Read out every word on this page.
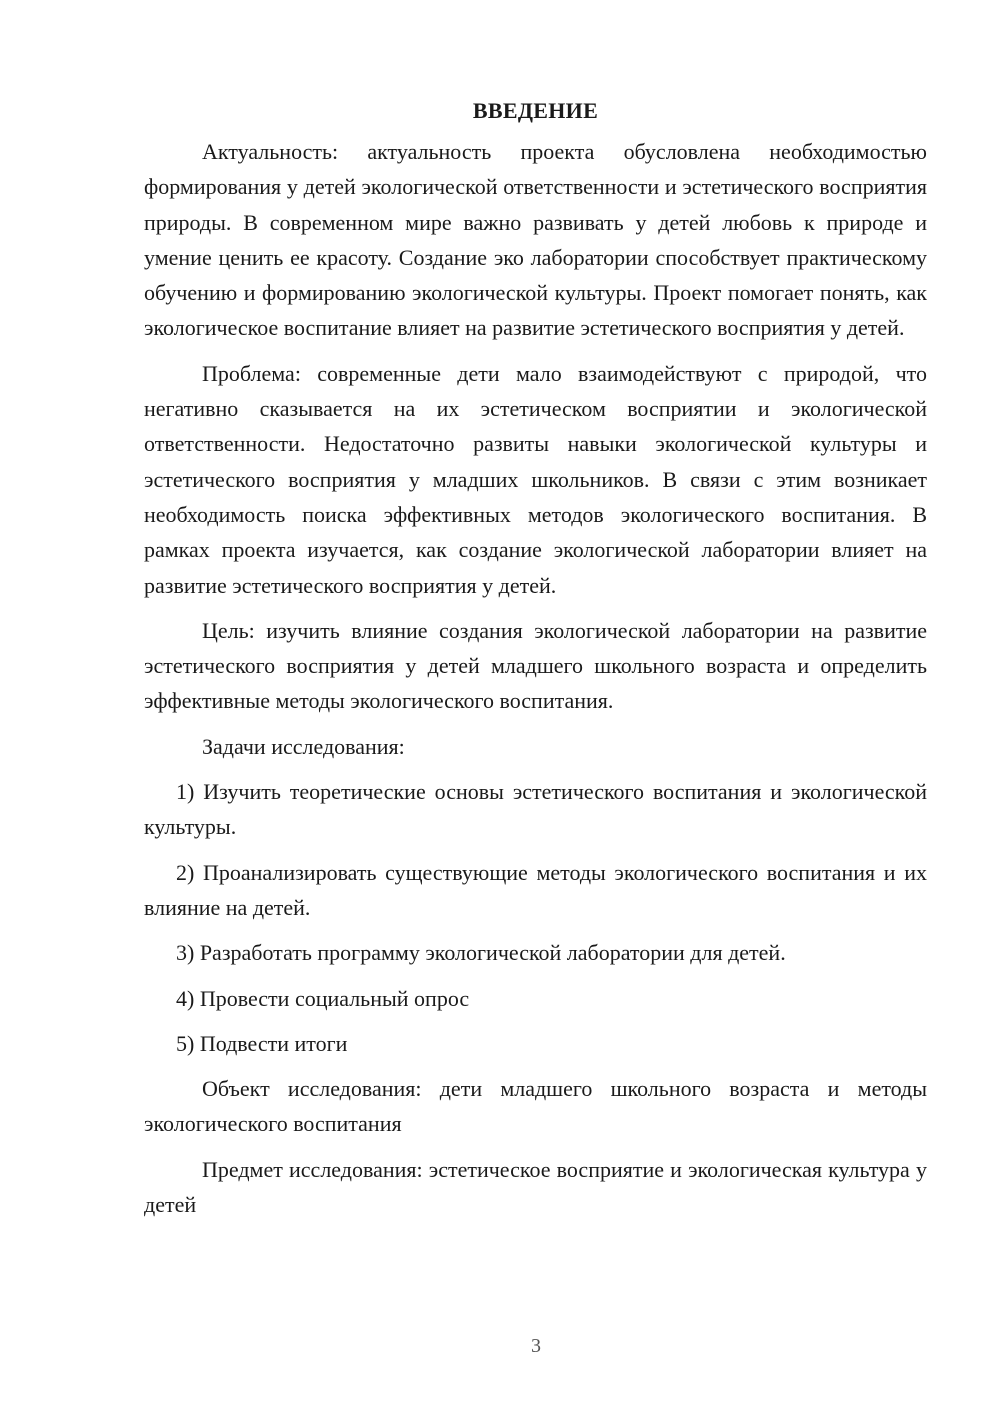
ВВЕДЕНИЕ

Актуальность: актуальность проекта обусловлена необходимостью формирования у детей экологической ответственности и эстетического восприятия природы. В современном мире важно развивать у детей любовь к природе и умение ценить ее красоту. Создание эко лаборатории способствует практическому обучению и формированию экологической культуры. Проект помогает понять, как экологическое воспитание влияет на развитие эстетического восприятия у детей.

Проблема: современные дети мало взаимодействуют с природой, что негативно сказывается на их эстетическом восприятии и экологической ответственности. Недостаточно развиты навыки экологической культуры и эстетического восприятия у младших школьников. В связи с этим возникает необходимость поиска эффективных методов экологического воспитания. В рамках проекта изучается, как создание экологической лаборатории влияет на развитие эстетического восприятия у детей.

Цель: изучить влияние создания экологической лаборатории на развитие эстетического восприятия у детей младшего школьного возраста и определить эффективные методы экологического воспитания.

Задачи исследования:

1) Изучить теоретические основы эстетического воспитания и экологической культуры.

2) Проанализировать существующие методы экологического воспитания и их влияние на детей.

3) Разработать программу экологической лаборатории для детей.

4) Провести социальный опрос

5) Подвести итоги

Объект исследования: дети младшего школьного возраста и методы экологического воспитания

Предмет исследования: эстетическое восприятие и экологическая культура у детей

3
